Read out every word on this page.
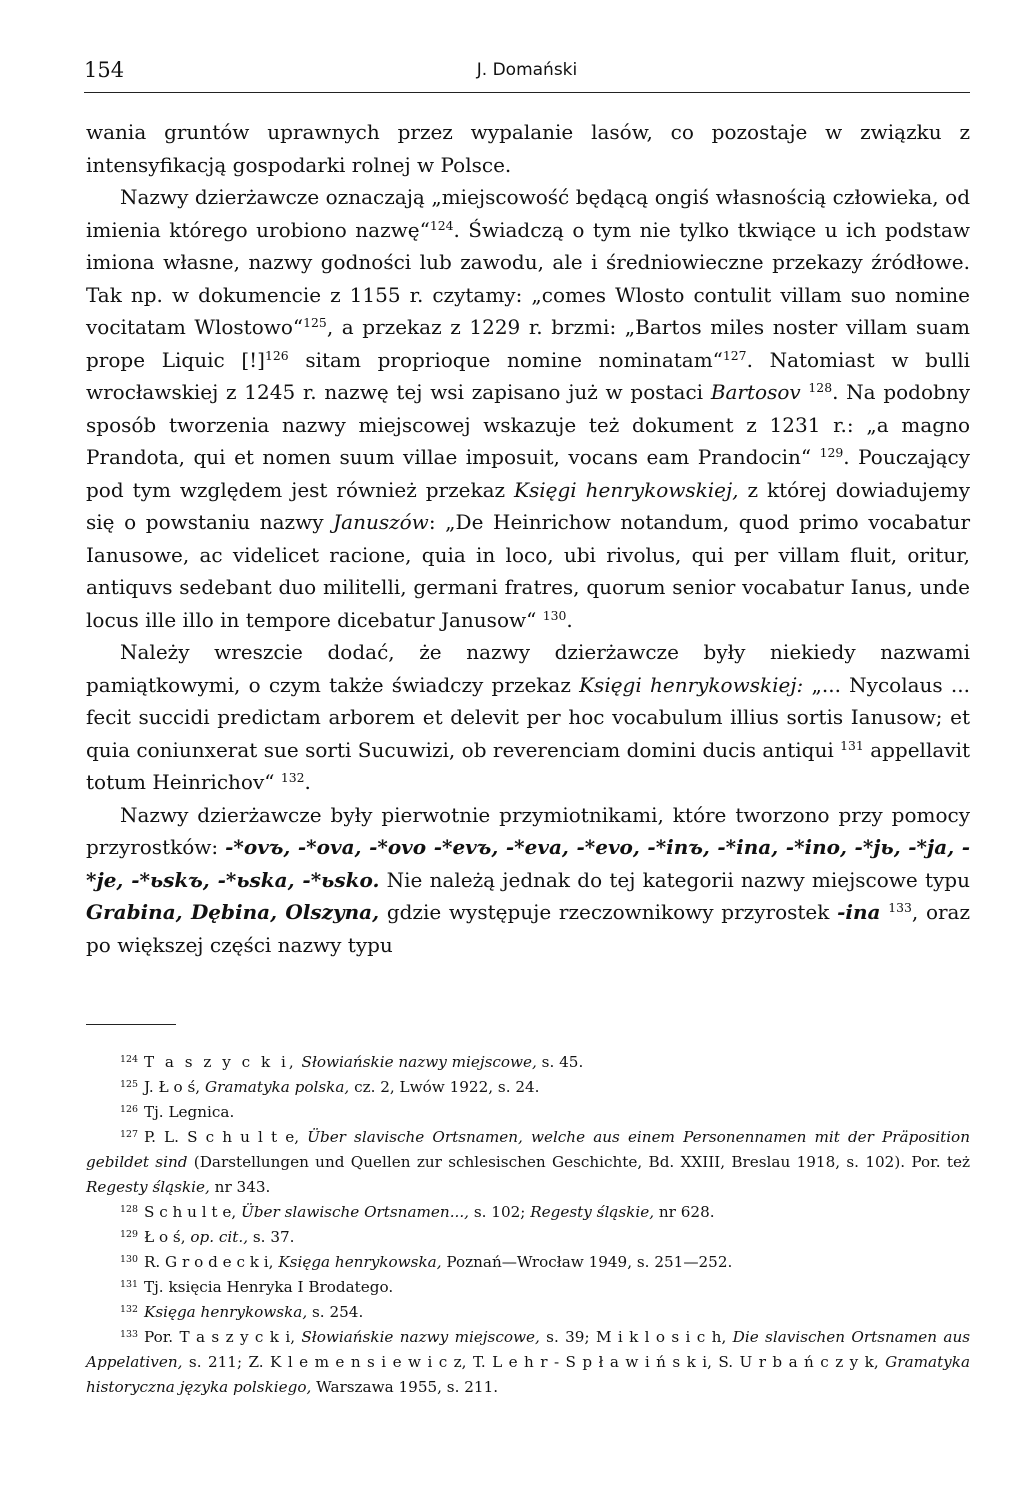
154	J. Domański

wania gruntów uprawnych przez wypalanie lasów, co pozostaje w związku z intensyfikacją gospodarki rolnej w Polsce.

Nazwy dzierżawcze oznaczają „miejscowość będącą ongiś własnością człowieka, od imienia którego urobiono nazwę“$^{124}$. Świadczą o tym nie tylko tkwiące u ich podstaw imiona własne, nazwy godności lub zawodu, ale i średniowieczne przekazy źródłowe. Tak np. w dokumencie z 1155 r. czytamy: „comes Wlosto contulit villam suo nomine vocitatam Wlostowo“$^{125}$, a przekaz z 1229 r. brzmi: „Bartos miles noster villam suam prope Liquic [!]$^{126}$ sitam proprioque nomine nominatam“$^{127}$. Natomiast w bulli wrocławskiej z 1245 r. nazwę tej wsi zapisano już w postaci Bartosov $^{128}$. Na podobny sposób tworzenia nazwy miejscowej wskazuje też dokument z 1231 r.: „a magno Prandota, qui et nomen suum villae imposuit, vocans eam Prandocin“ $^{129}$. Pouczający pod tym względem jest również przekaz Księgi henrykowskiej, z której dowiadujemy się o powstaniu nazwy Januszów: „De Heinrichow notandum, quod primo vocabatur Ianusowe, ac videlicet racione, quia in loco, ubi rivolus, qui per villam fluit, oritur, antiquvs sedebant duo militelli, germani fratres, quorum senior vocabatur Ianus, unde locus ille illo in tempore dicebatur Janusow“ $^{130}$.

Należy wreszcie dodać, że nazwy dzierżawcze były niekiedy nazwami pamiątkowymi, o czym także świadczy przekaz Księgi henrykowskiej: „... Nycolaus ... fecit succidi predictam arborem et delevit per hoc vocabulum illius sortis Ianusow; et quia coniunxerat sue sorti Sucuwizi, ob reverenciam domini ducis antiqui $^{131}$ appellavit totum Heinrichov“ $^{132}$.

Nazwy dzierżawcze były pierwotnie przymiotnikami, które tworzono przy pomocy przyrostków: -*ovъ, -*ova, -*ovo -*evъ, -*eva, -*evo, -*inъ, -*ina, -*ino, -*jь, -*ja, -*je, -*ьskъ, -*ьska, -*ьsko. Nie należą jednak do tej kategorii nazwy miejscowe typu Grabina, Dębina, Olszyna, gdzie występuje rzeczownikowy przyrostek -ina $^{133}$, oraz po większej części nazwy typu

$^{124}$ T a s z y c k i, Słowiańskie nazwy miejscowe, s. 45.

$^{125}$ J. Ł o ś, Gramatyka polska, cz. 2, Lwów 1922, s. 24.

$^{126}$ Tj. Legnica.

$^{127}$ P. L. S c h u l t e, Über slavische Ortsnamen, welche aus einem Personennamen mit der Präposition gebildet sind (Darstellungen und Quellen zur schlesischen Geschichte, Bd. XXIII, Breslau 1918, s. 102). Por. też Regesty śląskie, nr 343.

$^{128}$ S c h u l t e, Über slawische Ortsnamen..., s. 102; Regesty śląskie, nr 628.

$^{129}$ Ł o ś, op. cit., s. 37.

$^{130}$ R. G r o d e c k i, Księga henrykowska, Poznań—Wrocław 1949, s. 251—252.

$^{131}$ Tj. księcia Henryka I Brodatego.

$^{132}$ Księga henrykowska, s. 254.

$^{133}$ Por. T a s z y c k i, Słowiańskie nazwy miejscowe, s. 39; M i k l o s i c h, Die slavischen Ortsnamen aus Appelativen, s. 211; Z. K l e m e n s i e w i c z, T. L e h r - S p ł a w i ń s k i, S. U r b a ń c z y k, Gramatyka historyczna języka polskiego, Warszawa 1955, s. 211.
